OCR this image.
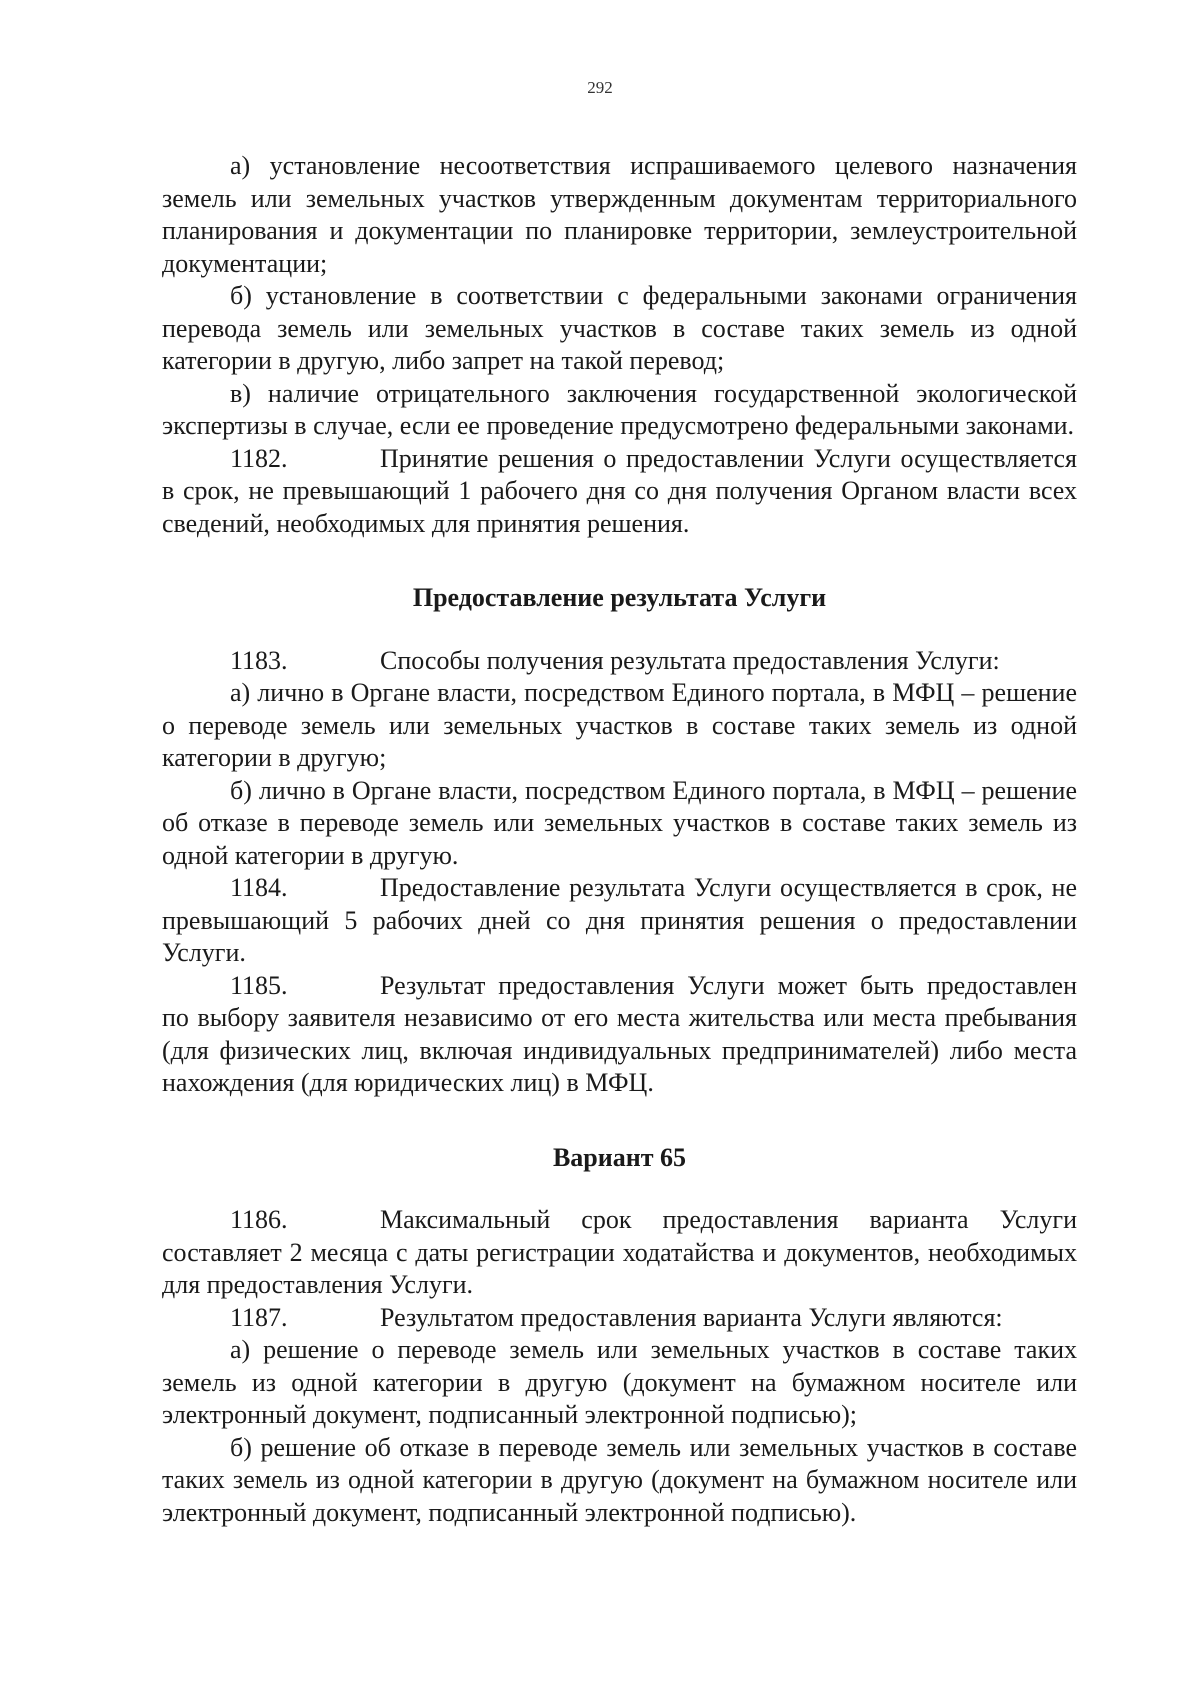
292

а) установление несоответствия испрашиваемого целевого назначения земель или земельных участков утвержденным документам территориального планирования и документации по планировке территории, землеустроительной документации;

б) установление в соответствии с федеральными законами ограничения перевода земель или земельных участков в составе таких земель из одной категории в другую, либо запрет на такой перевод;

в) наличие отрицательного заключения государственной экологической экспертизы в случае, если ее проведение предусмотрено федеральными законами.

1182.	Принятие решения о предоставлении Услуги осуществляется в срок, не превышающий 1 рабочего дня со дня получения Органом власти всех сведений, необходимых для принятия решения.

Предоставление результата Услуги

1183.	Способы получения результата предоставления Услуги:

а) лично в Органе власти, посредством Единого портала, в МФЦ – решение о переводе земель или земельных участков в составе таких земель из одной категории в другую;

б) лично в Органе власти, посредством Единого портала, в МФЦ – решение об отказе в переводе земель или земельных участков в составе таких земель из одной категории в другую.

1184.	Предоставление результата Услуги осуществляется в срок, не превышающий 5 рабочих дней со дня принятия решения о предоставлении Услуги.

1185.	Результат предоставления Услуги может быть предоставлен по выбору заявителя независимо от его места жительства или места пребывания (для физических лиц, включая индивидуальных предпринимателей) либо места нахождения (для юридических лиц) в МФЦ.

Вариант 65

1186.	Максимальный срок предоставления варианта Услуги составляет 2 месяца с даты регистрации ходатайства и документов, необходимых для предоставления Услуги.

1187.	Результатом предоставления варианта Услуги являются:

а) решение о переводе земель или земельных участков в составе таких земель из одной категории в другую (документ на бумажном носителе или электронный документ, подписанный электронной подписью);

б) решение об отказе в переводе земель или земельных участков в составе таких земель из одной категории в другую (документ на бумажном носителе или электронный документ, подписанный электронной подписью).
